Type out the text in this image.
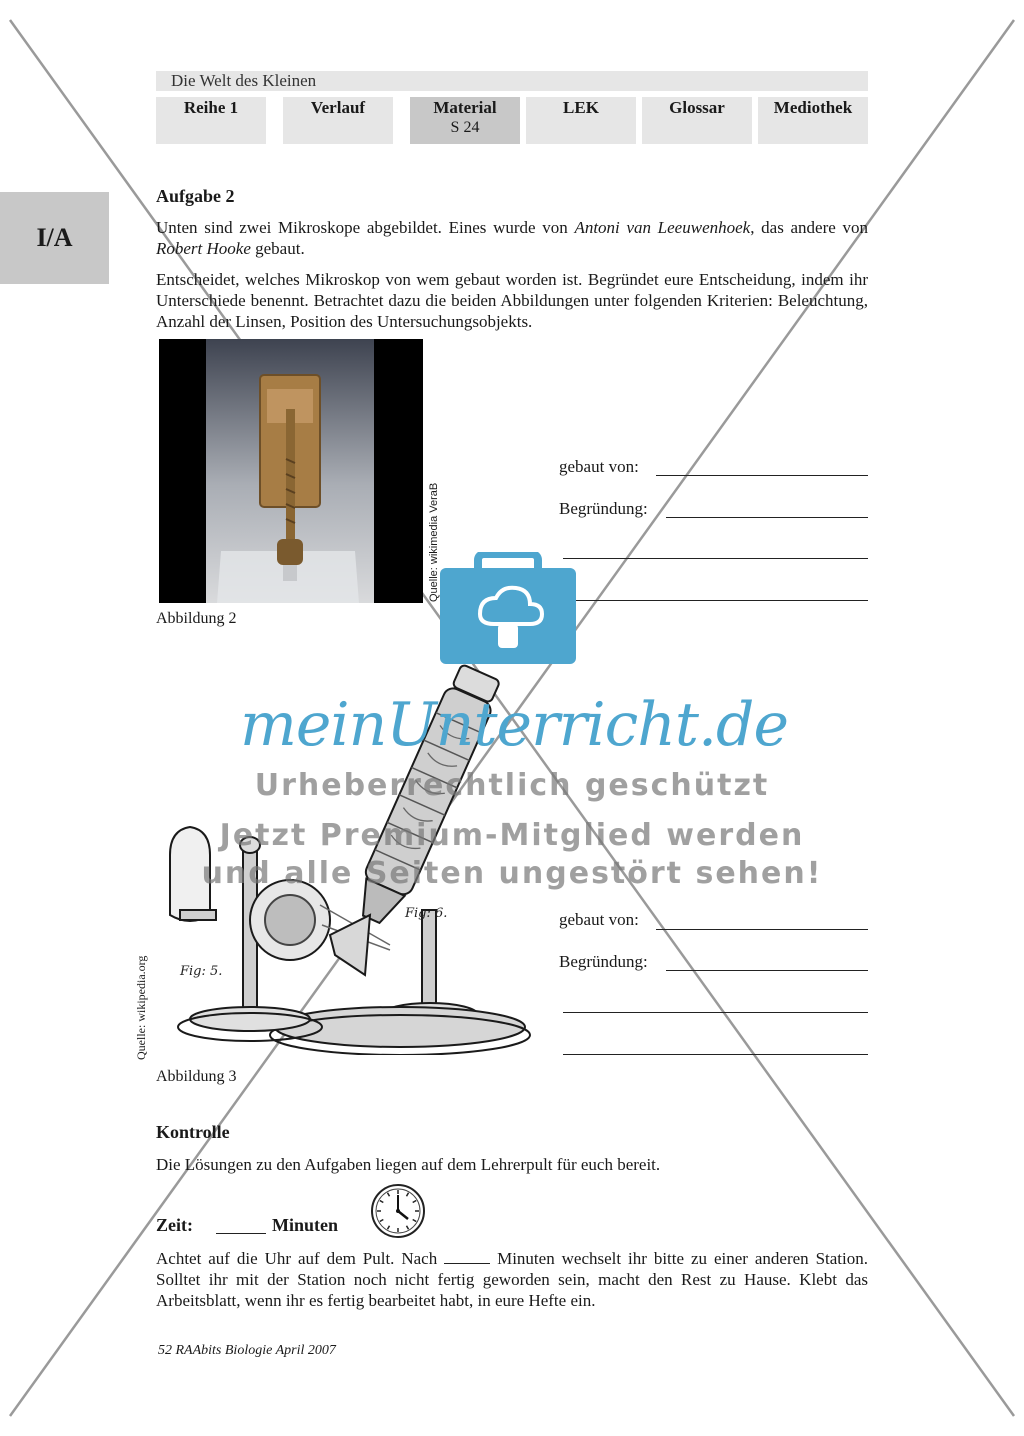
Die Welt des Kleinen
Reihe 1	Verlauf	Material
S 24
LEK	Glossar	Mediothek
I/A
Aufgabe 2
Unten sind zwei Mikroskope abgebildet. Eines wurde von Antoni van Leeuwenhoek, das andere von Robert Hooke gebaut.
Entscheidet, welches Mikroskop von wem gebaut worden ist. Begründet eure Entscheidung, indem ihr Unterschiede benennt. Betrachtet dazu die beiden Abbildungen unter folgenden Kriterien: Beleuchtung, Anzahl der Linsen, Position des Untersuchungsobjekts.
Quelle: wikimedia VeraB
Abbildung 2
gebaut von:
Begründung:
Fig: 6.
Fig: 5.
Quelle: wikipedia.org
Abbildung 3
gebaut von:
Begründung:
meinUnterricht.de
Urheberrechtlich geschützt
Jetzt Premium-Mitglied werden
und alle Seiten ungestört sehen!
Kontrolle
Die Lösungen zu den Aufgaben liegen auf dem Lehrerpult für euch bereit.
Zeit:	Minuten
Achtet auf die Uhr auf dem Pult. Nach	Minuten wechselt ihr bitte zu einer anderen Station. Solltet ihr mit der Station noch nicht fertig geworden sein, macht den Rest zu Hause. Klebt das Arbeitsblatt, wenn ihr es fertig bearbeitet habt, in eure Hefte ein.
52 RAAbits Biologie April 2007
